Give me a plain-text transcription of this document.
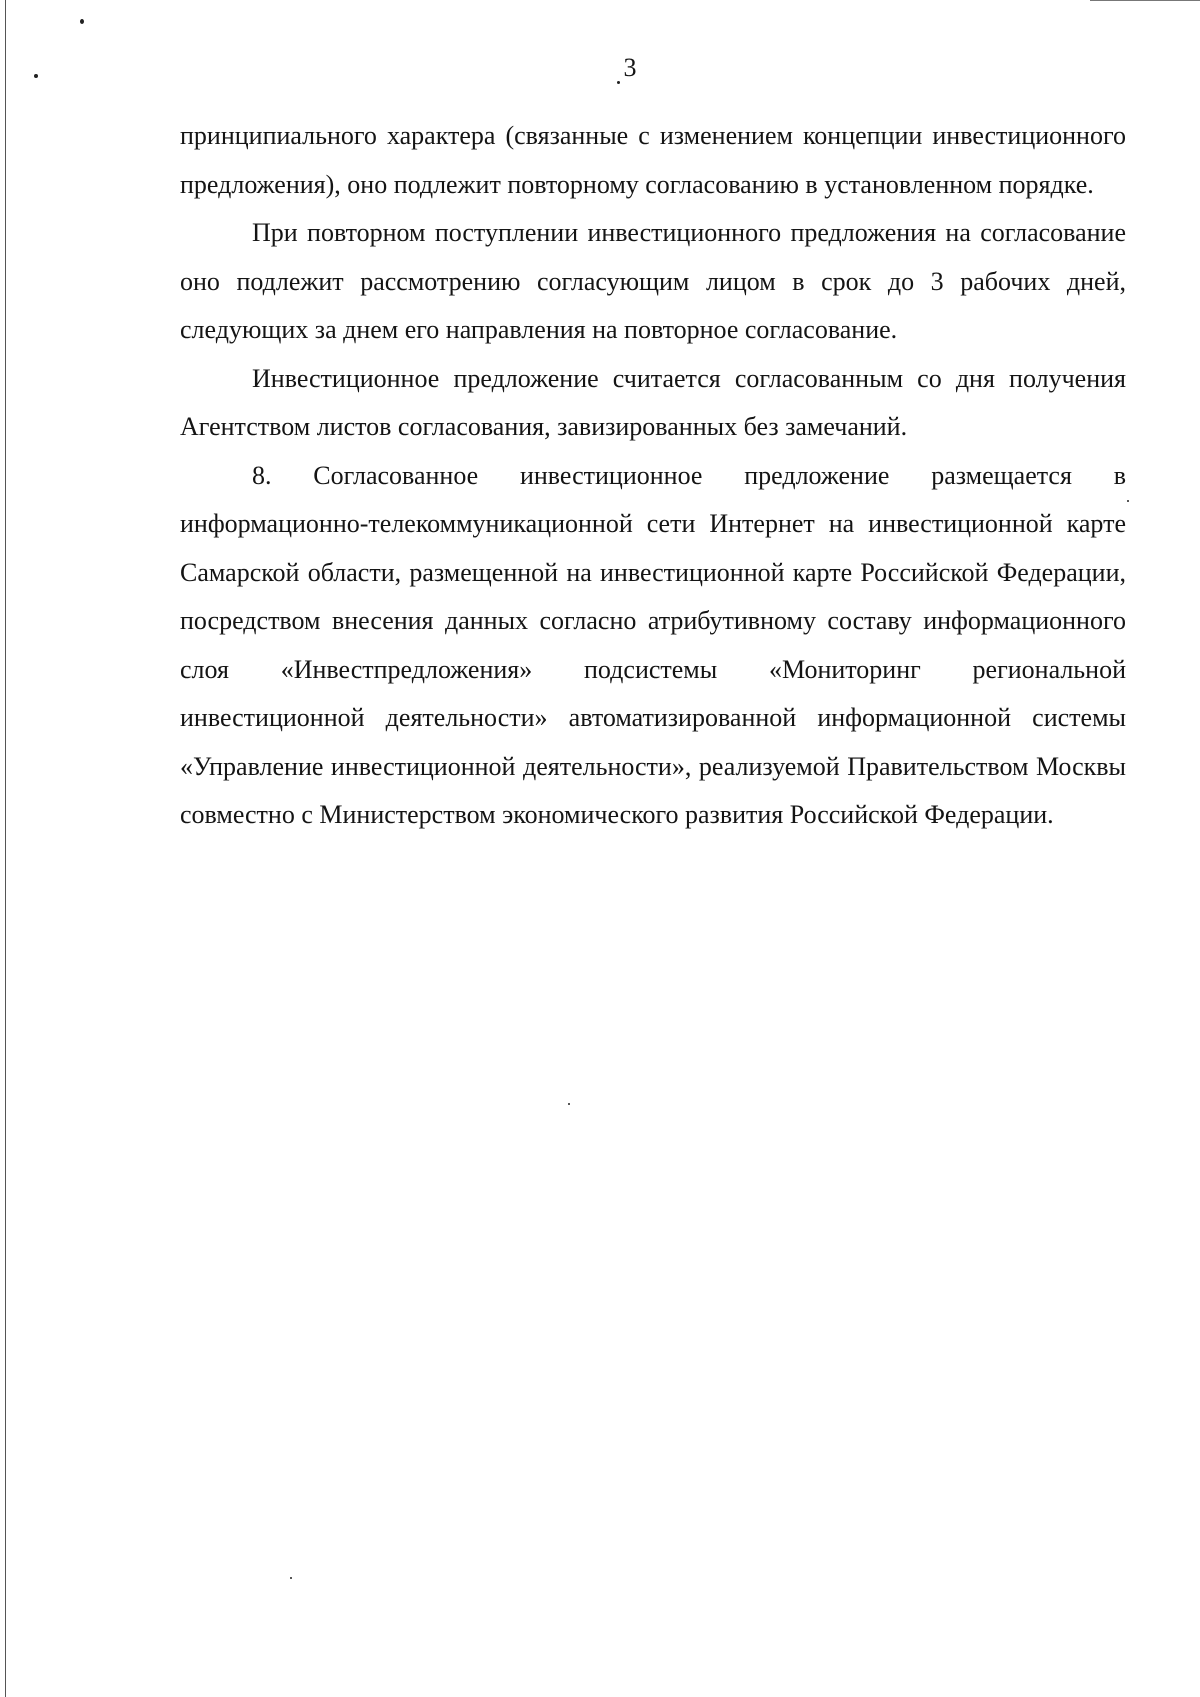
3

принципиального характера (связанные с изменением концепции инвестиционного предложения), оно подлежит повторному согласованию в установленном порядке.

При повторном поступлении инвестиционного предложения на согласование оно подлежит рассмотрению согласующим лицом в срок до 3 рабочих дней, следующих за днем его направления на повторное согласование.

Инвестиционное предложение считается согласованным со дня получения Агентством листов согласования, завизированных без замечаний.

8. Согласованное инвестиционное предложение размещается в информационно-телекоммуникационной сети Интернет на инвестиционной карте Самарской области, размещенной на инвестиционной карте Российской Федерации, посредством внесения данных согласно атрибутивному составу информационного слоя «Инвестпредложения» подсистемы «Мониторинг региональной инвестиционной деятельности» автоматизированной информационной системы «Управление инвестиционной деятельности», реализуемой Правительством Москвы совместно с Министерством экономического развития Российской Федерации.
